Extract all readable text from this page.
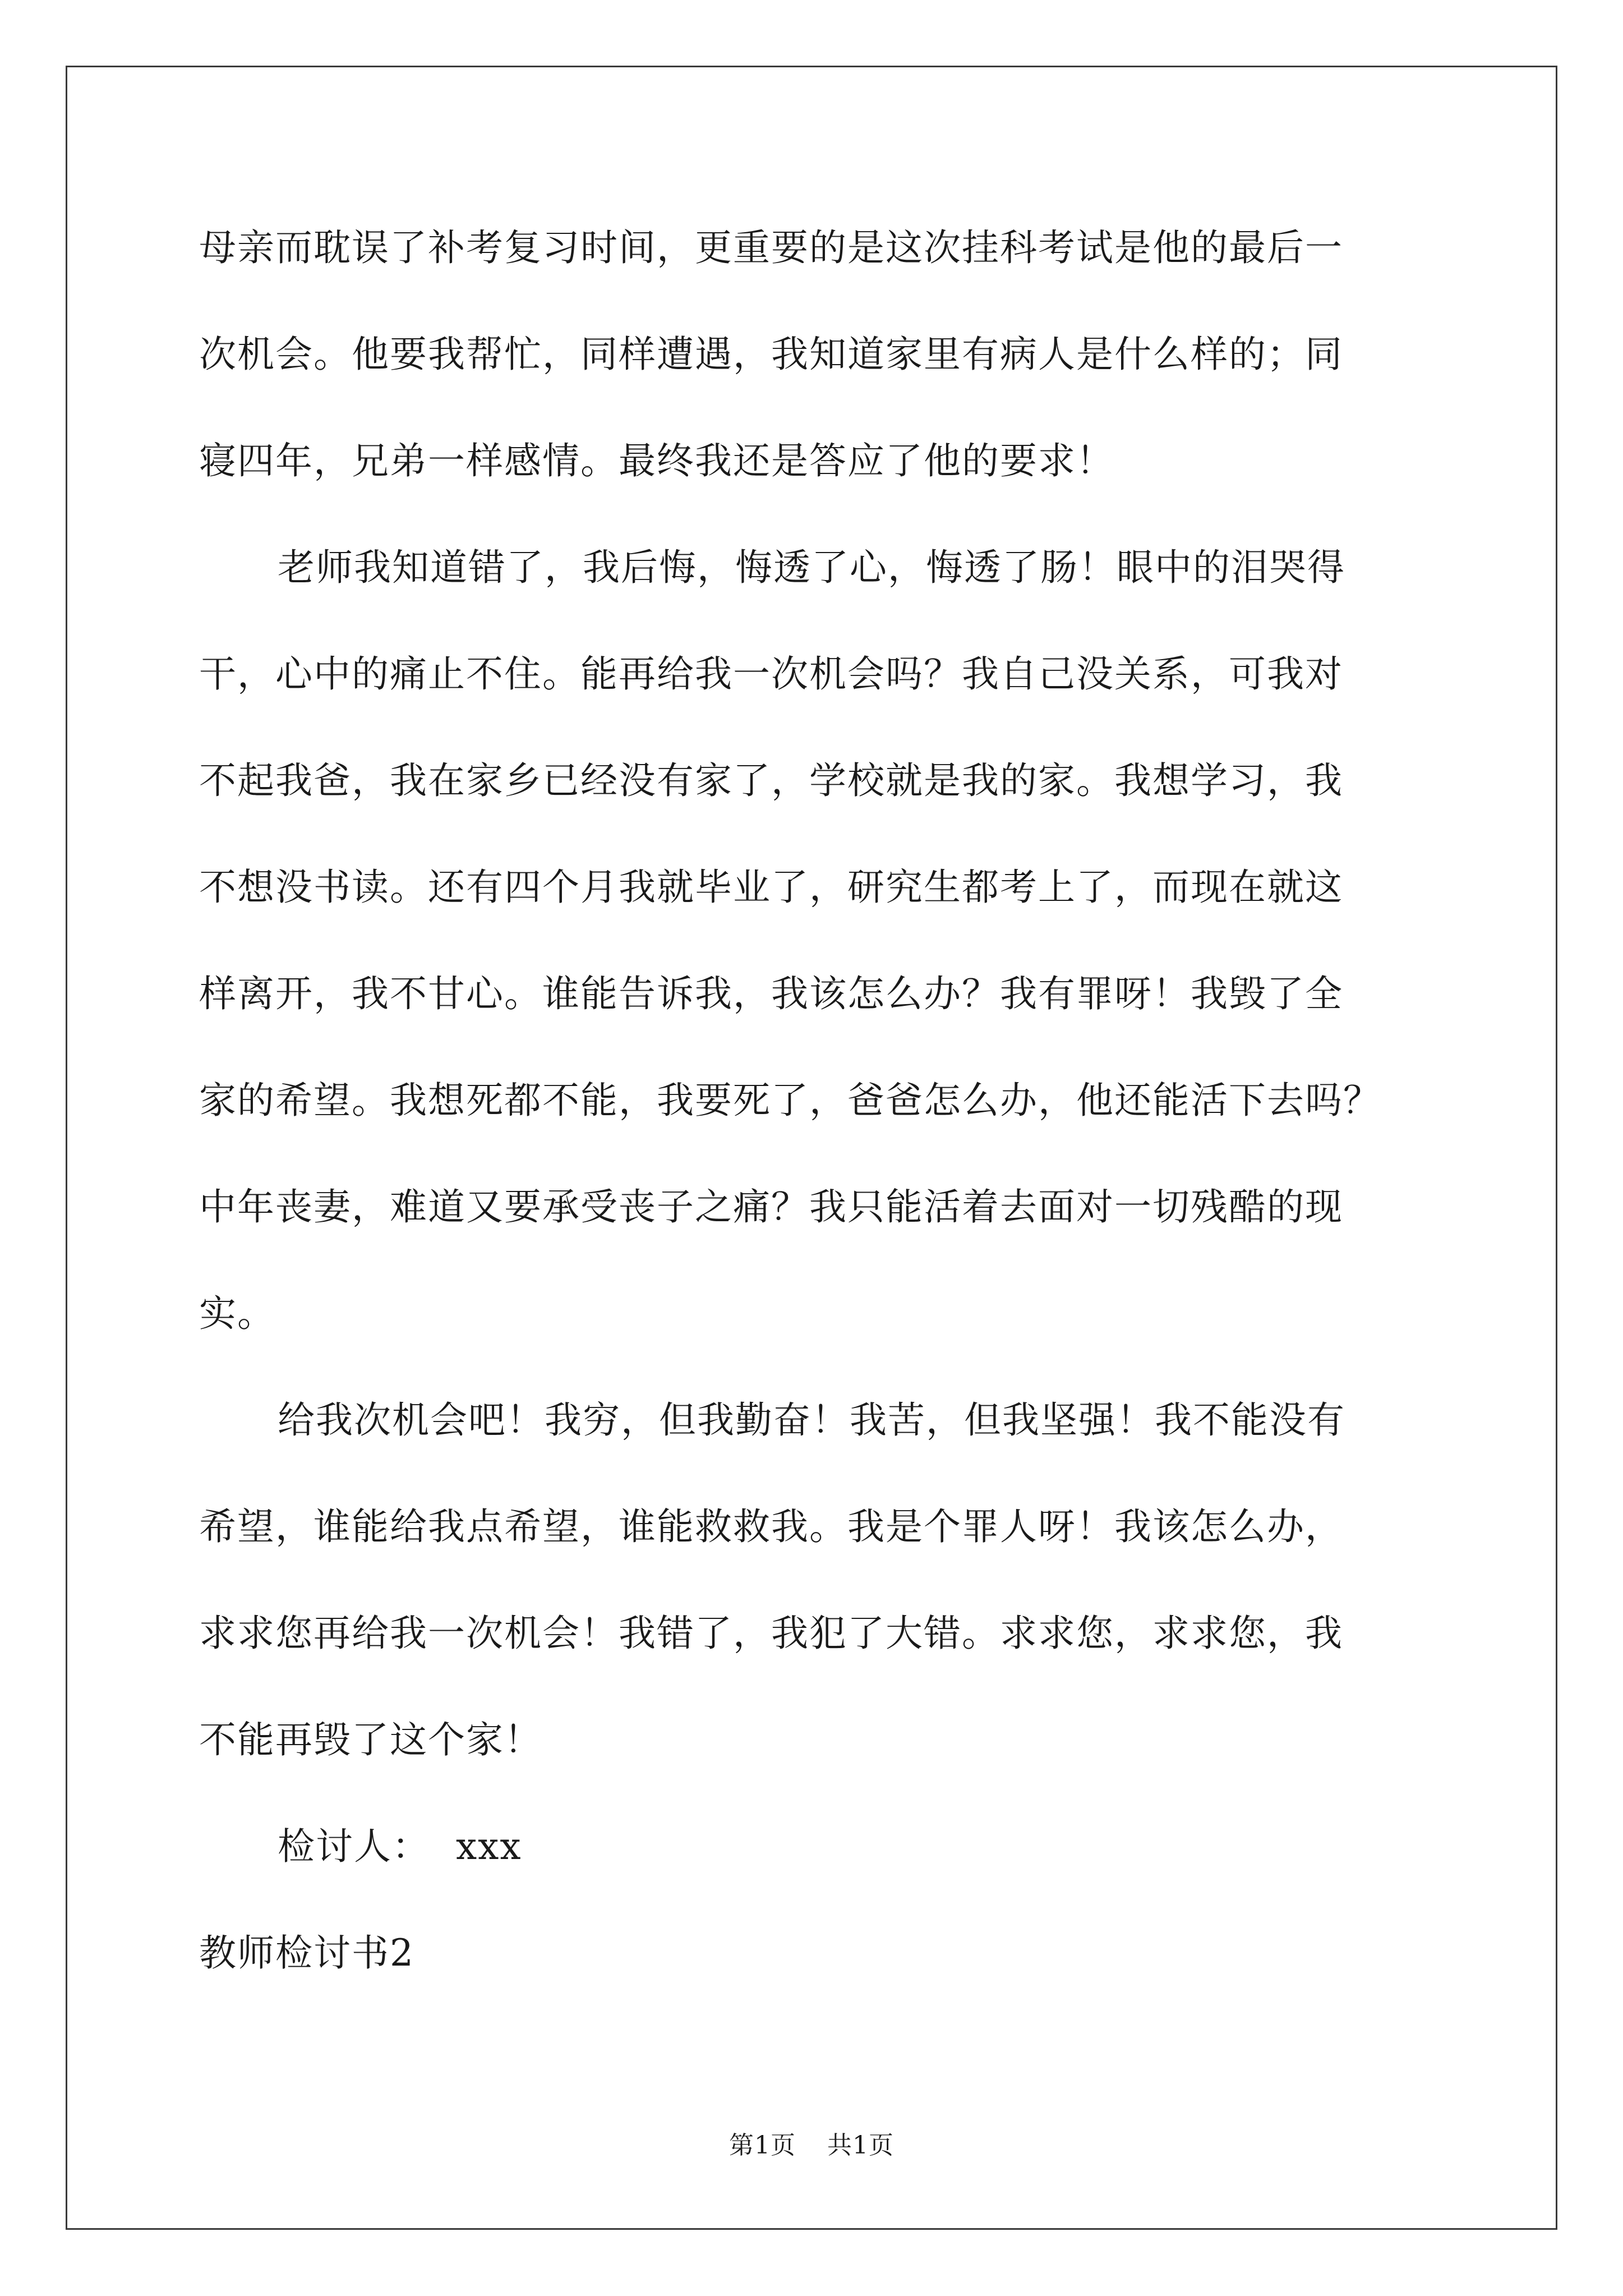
母亲而耽误了补考复习时间，更重要的是这次挂科考试是他的最后一
次机会。他要我帮忙，同样遭遇，我知道家里有病人是什么样的；同
寝四年，兄弟一样感情。最终我还是答应了他的要求！
老师我知道错了，我后悔，悔透了心，悔透了肠！眼中的泪哭得
干，心中的痛止不住。能再给我一次机会吗？我自己没关系，可我对
不起我爸，我在家乡已经没有家了，学校就是我的家。我想学习，我
不想没书读。还有四个月我就毕业了，研究生都考上了，而现在就这
样离开，我不甘心。谁能告诉我，我该怎么办？我有罪呀！我毁了全
家的希望。我想死都不能，我要死了，爸爸怎么办，他还能活下去吗？
中年丧妻，难道又要承受丧子之痛？我只能活着去面对一切残酷的现
实。
给我次机会吧！我穷，但我勤奋！我苦，但我坚强！我不能没有
希望，谁能给我点希望，谁能救救我。我是个罪人呀！我该怎么办，
求求您再给我一次机会！我错了，我犯了大错。求求您，求求您，我
不能再毁了这个家！
检讨人：  xxx
教师检讨书2
第1页 共1页
